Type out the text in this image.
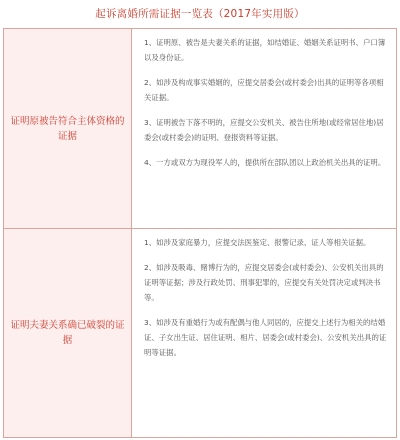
起诉离婚所需证据一览表（2017年实用版）
证明原被告符合主体资格的证据	1、证明原、被告是夫妻关系的证据，如结婚证、婚姻关系证明书、户口簿以及身份证。

2、如涉及构成事实婚姻的，应提交居委会(或村委会)出具的证明等各项相关证据。

3、证明被告下落不明的，应提交公安机关、被告住所地(或经常居住地)居委会(或村委会)的证明、登报资料等证据。

4、一方或双方为现役军人的，提供所在部队团以上政治机关出具的证明。

证明夫妻关系确已破裂的证据	1、如涉及家庭暴力，应提交法医鉴定、报警记录、证人等相关证据。

2、如涉及吸毒、赌博行为的，应提交居委会(或村委会)、公安机关出具的证明等证据；涉及行政处罚、刑事犯罪的，应提交有关处罚决定或判决书等。

3、如涉及有重婚行为或有配偶与他人同居的，应提交上述行为相关的结婚证、子女出生证、居住证明、相片、居委会(或村委会)、公安机关出具的证明等证据。
